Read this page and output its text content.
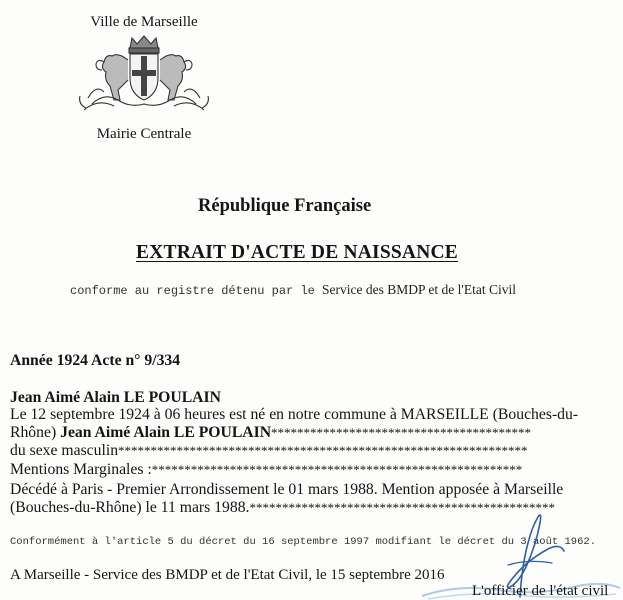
Ville de Marseille
Mairie Centrale
République Française
EXTRAIT D'ACTE DE NAISSANCE
conforme au registre détenu par le Service des BMDP et de l'Etat Civil
Année 1924 Acte n° 9/334
Jean Aimé Alain LE POULAIN
Le 12 septembre 1924 à 06 heures est né en notre commune à MARSEILLE (Bouches-du-
Rhône) Jean Aimé Alain LE POULAIN****************************************
du sexe masculin***************************************************************
Mentions Marginales :*********************************************************
Décédé à Paris - Premier Arrondissement le 01 mars 1988. Mention apposée à Marseille
(Bouches-du-Rhône) le 11 mars 1988.***********************************************
Conformément à l'article 5 du décret du 16 septembre 1997 modifiant le décret du 3 août 1962.
A Marseille - Service des BMDP et de l'Etat Civil, le 15 septembre 2016
L'officier de l'état civil
